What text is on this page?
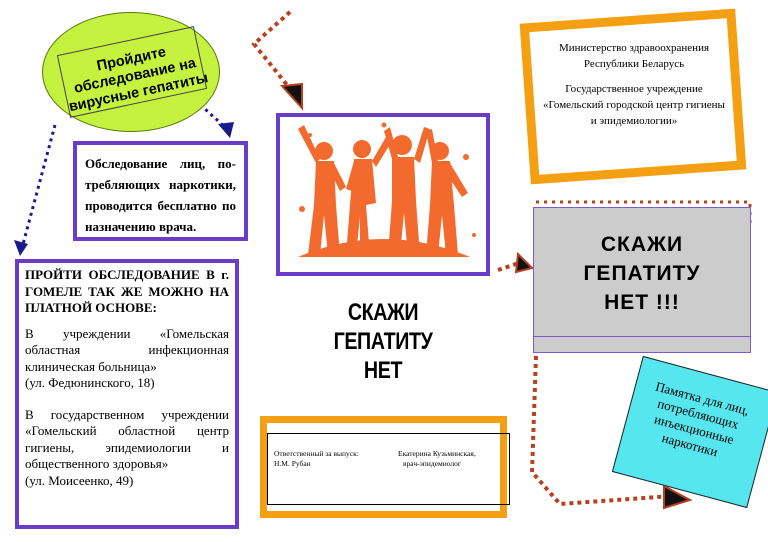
Пройдите обследование на вирусные гепатиты
Обследование лиц, потребляющих наркотики, проводится бесплатно по назначению врача.

ПРОЙТИ ОБСЛЕДОВАНИЕ В г. ГОМЕЛЕ ТАК ЖЕ МОЖНО НА ПЛАТНОЙ ОСНОВЕ:

В учреждении «Гомельская областная инфекционная клиническая больница»
(ул. Федюнинского, 18)

В государственном учреждении «Гомельский областной центр гигиены, эпидемиологии и общественного здоровья»
(ул. Моисеенко, 49)

СКАЖИ ГЕПАТИТУ
НЕТ

Министерство здравоохранения Республики Беларусь

Государственное учреждение «Гомельский городской центр гигиены и эпидемиологии»

СКАЖИ
ГЕПАТИТУ
НЕТ !!!
Памятка для лиц, потребляющих инъекционные наркотики
Ответственный за выпуск:
Н.М. Рубан
Екатерина Кузьминская,
врач-эпидемиолог
